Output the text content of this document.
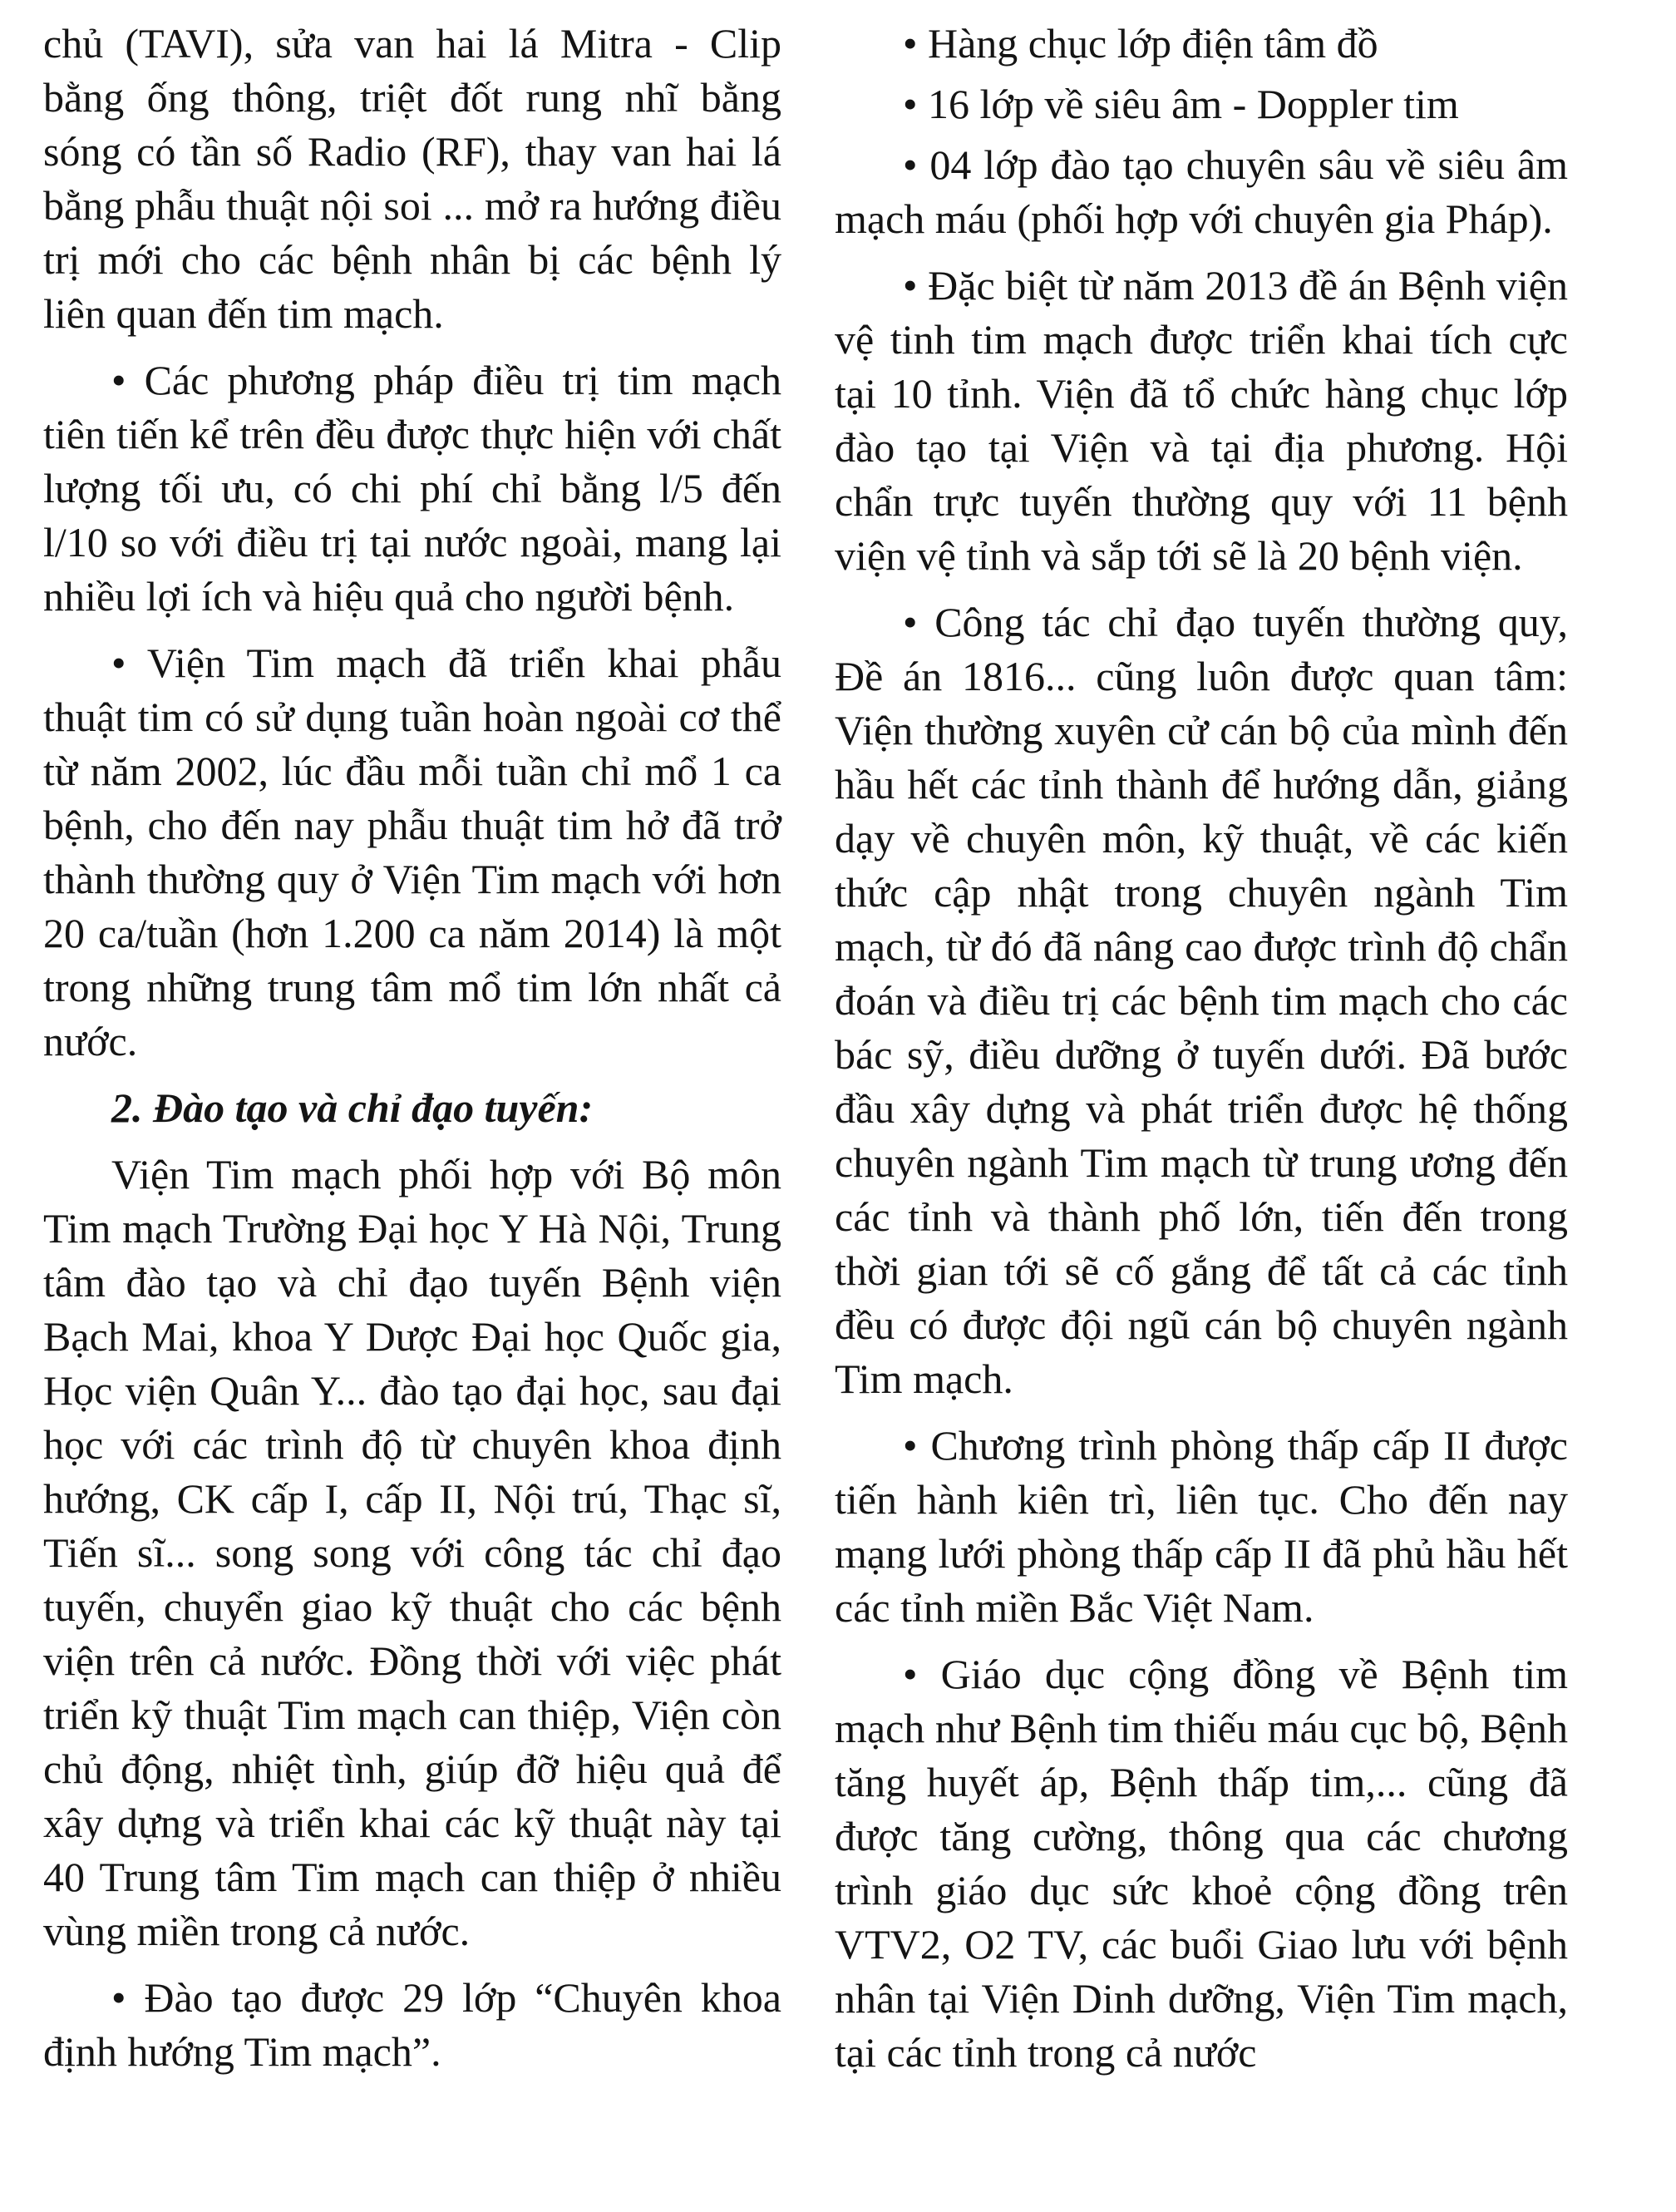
chủ (TAVI), sửa van hai lá Mitra - Clip bằng ống thông, triệt đốt rung nhĩ bằng sóng có tần số Radio (RF), thay van hai lá bằng phẫu thuật nội soi ... mở ra hướng điều trị mới cho các bệnh nhân bị các bệnh lý liên quan đến tim mạch.

• Các phương pháp điều trị tim mạch tiên tiến kể trên đều được thực hiện với chất lượng tối ưu, có chi phí chỉ bằng l/5 đến l/10 so với điều trị tại nước ngoài, mang lại nhiều lợi ích và hiệu quả cho người bệnh.

• Viện Tim mạch đã triển khai phẫu thuật tim có sử dụng tuần hoàn ngoài cơ thể từ năm 2002, lúc đầu mỗi tuần chỉ mổ 1 ca bệnh, cho đến nay phẫu thuật tim hở đã trở thành thường quy ở Viện Tim mạch với hơn 20 ca/tuần (hơn 1.200 ca năm 2014) là một trong những trung tâm mổ tim lớn nhất cả nước.

2. Đào tạo và chỉ đạo tuyến:

Viện Tim mạch phối hợp với Bộ môn Tim mạch Trường Đại học Y Hà Nội, Trung tâm đào tạo và chỉ đạo tuyến Bệnh viện Bạch Mai, khoa Y Dược Đại học Quốc gia, Học viện Quân Y... đào tạo đại học, sau đại học với các trình độ từ chuyên khoa định hướng, CK cấp I, cấp II, Nội trú, Thạc sĩ, Tiến sĩ... song song với công tác chỉ đạo tuyến, chuyển giao kỹ thuật cho các bệnh viện trên cả nước. Đồng thời với việc phát triển kỹ thuật Tim mạch can thiệp, Viện còn chủ động, nhiệt tình, giúp đỡ hiệu quả để xây dựng và triển khai các kỹ thuật này tại 40 Trung tâm Tim mạch can thiệp ở nhiều vùng miền trong cả nước.

• Đào tạo được 29 lớp “Chuyên khoa định hướng Tim mạch”.

• Hàng chục lớp điện tâm đồ

• 16 lớp về siêu âm - Doppler tim

• 04 lớp đào tạo chuyên sâu về siêu âm mạch máu (phối hợp với chuyên gia Pháp).

• Đặc biệt từ năm 2013 đề án Bệnh viện vệ tinh tim mạch được triển khai tích cực tại 10 tỉnh. Viện đã tổ chức hàng chục lớp đào tạo tại Viện và tại địa phương. Hội chẩn trực tuyến thường quy với 11 bệnh viện vệ tỉnh và sắp tới sẽ là 20 bệnh viện.

• Công tác chỉ đạo tuyến thường quy, Đề án 1816... cũng luôn được quan tâm: Viện thường xuyên cử cán bộ của mình đến hầu hết các tỉnh thành để hướng dẫn, giảng dạy về chuyên môn, kỹ thuật, về các kiến thức cập nhật trong chuyên ngành Tim mạch, từ đó đã nâng cao được trình độ chẩn đoán và điều trị các bệnh tim mạch cho các bác sỹ, điều dưỡng ở tuyến dưới. Đã bước đầu xây dựng và phát triển được hệ thống chuyên ngành Tim mạch từ trung ương đến các tỉnh và thành phố lớn, tiến đến trong thời gian tới sẽ cố gắng để tất cả các tỉnh đều có được đội ngũ cán bộ chuyên ngành Tim mạch.

• Chương trình phòng thấp cấp II được tiến hành kiên trì, liên tục. Cho đến nay mạng lưới phòng thấp cấp II đã phủ hầu hết các tỉnh miền Bắc Việt Nam.

• Giáo dục cộng đồng về Bệnh tim mạch như Bệnh tim thiếu máu cục bộ, Bệnh tăng huyết áp, Bệnh thấp tim,... cũng đã được tăng cường, thông qua các chương trình giáo dục sức khoẻ cộng đồng trên VTV2, O2 TV, các buổi Giao lưu với bệnh nhân tại Viện Dinh dưỡng, Viện Tim mạch, tại các tỉnh trong cả nước
